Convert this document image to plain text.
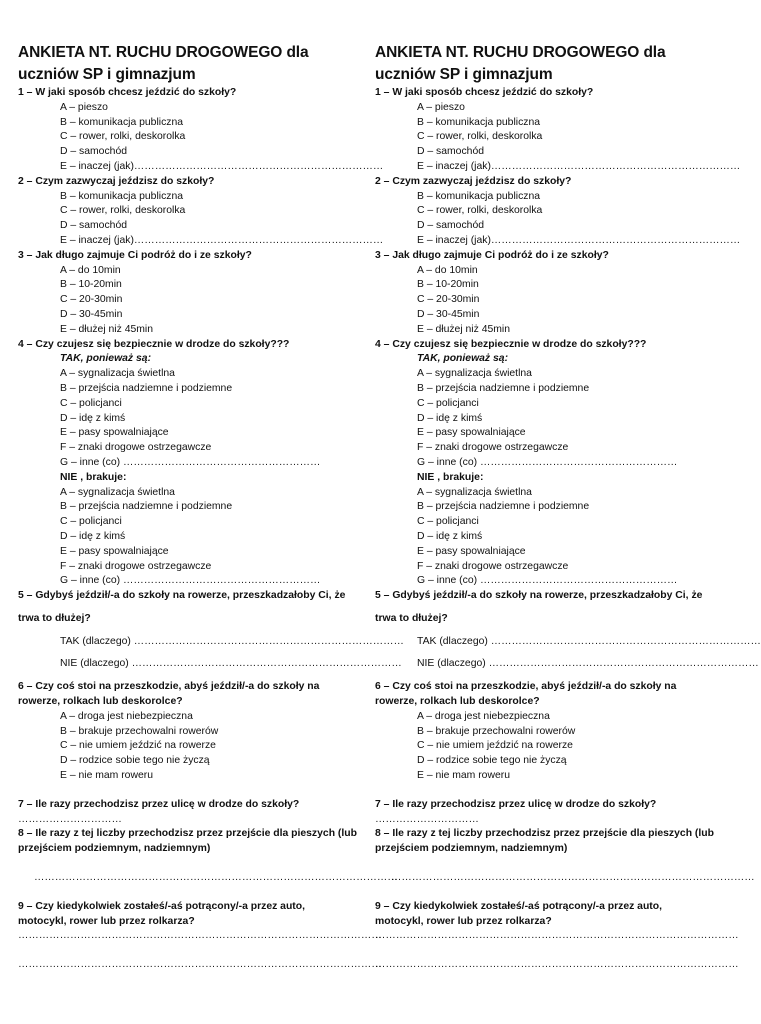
ANKIETA NT. RUCHU DROGOWEGO dla uczniów SP i gimnazjum
1 – W jaki sposób chcesz jeździć do szkoły?
A – pieszo
B – komunikacja publiczna
C – rower, rolki, deskorolka
D – samochód
E – inaczej (jak)………………………………………………………………
2 – Czym zazwyczaj jeździsz do szkoły?
B – komunikacja publiczna
C – rower, rolki, deskorolka
D – samochód
E – inaczej (jak)………………………………………………………………
3 – Jak długo zajmuje Ci podróż do i ze szkoły?
A – do 10min
B – 10-20min
C – 20-30min
D – 30-45min
E – dłużej niż 45min
4 – Czy czujesz się bezpiecznie w drodze do szkoły???
TAK, ponieważ są:
A – sygnalizacja świetlna
B – przejścia nadziemne i podziemne
C – policjanci
D – idę z kimś
E – pasy spowalniające
F – znaki drogowe ostrzegawcze
G – inne (co) …………………………………………………
NIE , brakuje:
A – sygnalizacja świetlna
B – przejścia nadziemne i podziemne
C – policjanci
D – idę z kimś
E – pasy spowalniające
F – znaki drogowe ostrzegawcze
G – inne (co) …………………………………………………
5 – Gdybyś jeździł/-a do szkoły na rowerze, przeszkadzałoby Ci, że
trwa to dłużej?
TAK (dlaczego) ……………………………………………………………………
NIE (dlaczego) ……………………………………………………………………
6 – Czy coś stoi na przeszkodzie, abyś jeździł/-a do szkoły na
rowerze, rolkach lub deskorolce?
A – droga jest niebezpieczna
B – brakuje przechowalni rowerów
C – nie umiem jeździć na rowerze
D – rodzice sobie tego nie życzą
E – nie mam roweru
7 – Ile razy przechodzisz przez ulicę w drodze do szkoły?
…………………………
8 – Ile razy z tej liczby przechodzisz przez przejście dla pieszych (lub
przejściem podziemnym, nadziemnym)
……………………………………………………………………………………………
9 – Czy kiedykolwiek zostałeś/-aś potrącony/-a przez auto,
motocykl, rower lub przez rolkarza?
……………………………………………………………………………………………
……………………………………………………………………………………………
ANKIETA NT. RUCHU DROGOWEGO dla uczniów SP i gimnazjum
1 – W jaki sposób chcesz jeździć do szkoły?
A – pieszo
B – komunikacja publiczna
C – rower, rolki, deskorolka
D – samochód
E – inaczej (jak)………………………………………………………………
2 – Czym zazwyczaj jeździsz do szkoły?
B – komunikacja publiczna
C – rower, rolki, deskorolka
D – samochód
E – inaczej (jak)………………………………………………………………
3 – Jak długo zajmuje Ci podróż do i ze szkoły?
A – do 10min
B – 10-20min
C – 20-30min
D – 30-45min
E – dłużej niż 45min
4 – Czy czujesz się bezpiecznie w drodze do szkoły???
TAK, ponieważ są:
A – sygnalizacja świetlna
B – przejścia nadziemne i podziemne
C – policjanci
D – idę z kimś
E – pasy spowalniające
F – znaki drogowe ostrzegawcze
G – inne (co) …………………………………………………
NIE , brakuje:
A – sygnalizacja świetlna
B – przejścia nadziemne i podziemne
C – policjanci
D – idę z kimś
E – pasy spowalniające
F – znaki drogowe ostrzegawcze
G – inne (co) …………………………………………………
5 – Gdybyś jeździł/-a do szkoły na rowerze, przeszkadzałoby Ci, że
trwa to dłużej?
TAK (dlaczego) ……………………………………………………………………
NIE (dlaczego) ……………………………………………………………………
6 – Czy coś stoi na przeszkodzie, abyś jeździł/-a do szkoły na
rowerze, rolkach lub deskorolce?
A – droga jest niebezpieczna
B – brakuje przechowalni rowerów
C – nie umiem jeździć na rowerze
D – rodzice sobie tego nie życzą
E – nie mam roweru
7 – Ile razy przechodzisz przez ulicę w drodze do szkoły?
…………………………
8 – Ile razy z tej liczby przechodzisz przez przejście dla pieszych (lub
przejściem podziemnym, nadziemnym)
……………………………………………………………………………………………
9 – Czy kiedykolwiek zostałeś/-aś potrącony/-a przez auto,
motocykl, rower lub przez rolkarza?
……………………………………………………………………………………………
……………………………………………………………………………………………
